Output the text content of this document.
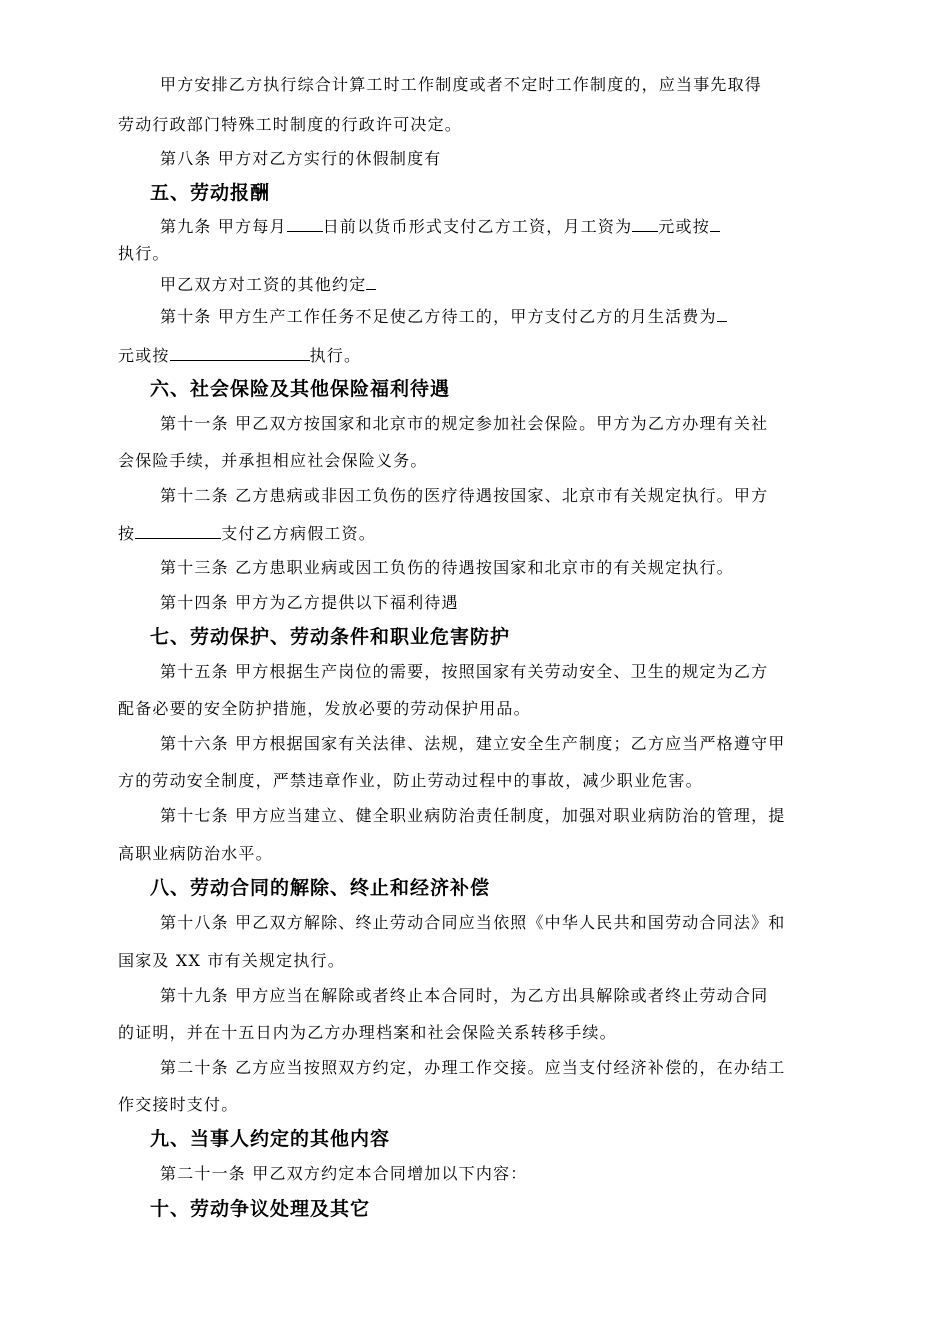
甲方安排乙方执行综合计算工时工作制度或者不定时工作制度的，应当事先取得
劳动行政部门特殊工时制度的行政许可决定。
第八条 甲方对乙方实行的休假制度有
五、劳动报酬
第九条 甲方每月 日前以货币形式支付乙方工资，月工资为 元或按
执行。
甲乙双方对工资的其他约定
第十条 甲方生产工作任务不足使乙方待工的，甲方支付乙方的月生活费为
元或按	执行。
六、社会保险及其他保险福利待遇
第十一条 甲乙双方按国家和北京市的规定参加社会保险。甲方为乙方办理有关社
会保险手续，并承担相应社会保险义务。
第十二条 乙方患病或非因工负伤的医疗待遇按国家、北京市有关规定执行。甲方
按	支付乙方病假工资。
第十三条 乙方患职业病或因工负伤的待遇按国家和北京市的有关规定执行。
第十四条 甲方为乙方提供以下福利待遇
七、劳动保护、劳动条件和职业危害防护
第十五条 甲方根据生产岗位的需要，按照国家有关劳动安全、卫生的规定为乙方
配备必要的安全防护措施，发放必要的劳动保护用品。
第十六条 甲方根据国家有关法律、法规，建立安全生产制度；乙方应当严格遵守甲
方的劳动安全制度，严禁违章作业，防止劳动过程中的事故，减少职业危害。
第十七条 甲方应当建立、健全职业病防治责任制度，加强对职业病防治的管理，提
高职业病防治水平。
八、劳动合同的解除、终止和经济补偿
第十八条 甲乙双方解除、终止劳动合同应当依照《中华人民共和国劳动合同法》和
国家及 XX 市有关规定执行。
第十九条 甲方应当在解除或者终止本合同时，为乙方出具解除或者终止劳动合同
的证明，并在十五日内为乙方办理档案和社会保险关系转移手续。
第二十条 乙方应当按照双方约定，办理工作交接。应当支付经济补偿的，在办结工
作交接时支付。
九、当事人约定的其他内容
第二十一条 甲乙双方约定本合同增加以下内容：
十、劳动争议处理及其它
